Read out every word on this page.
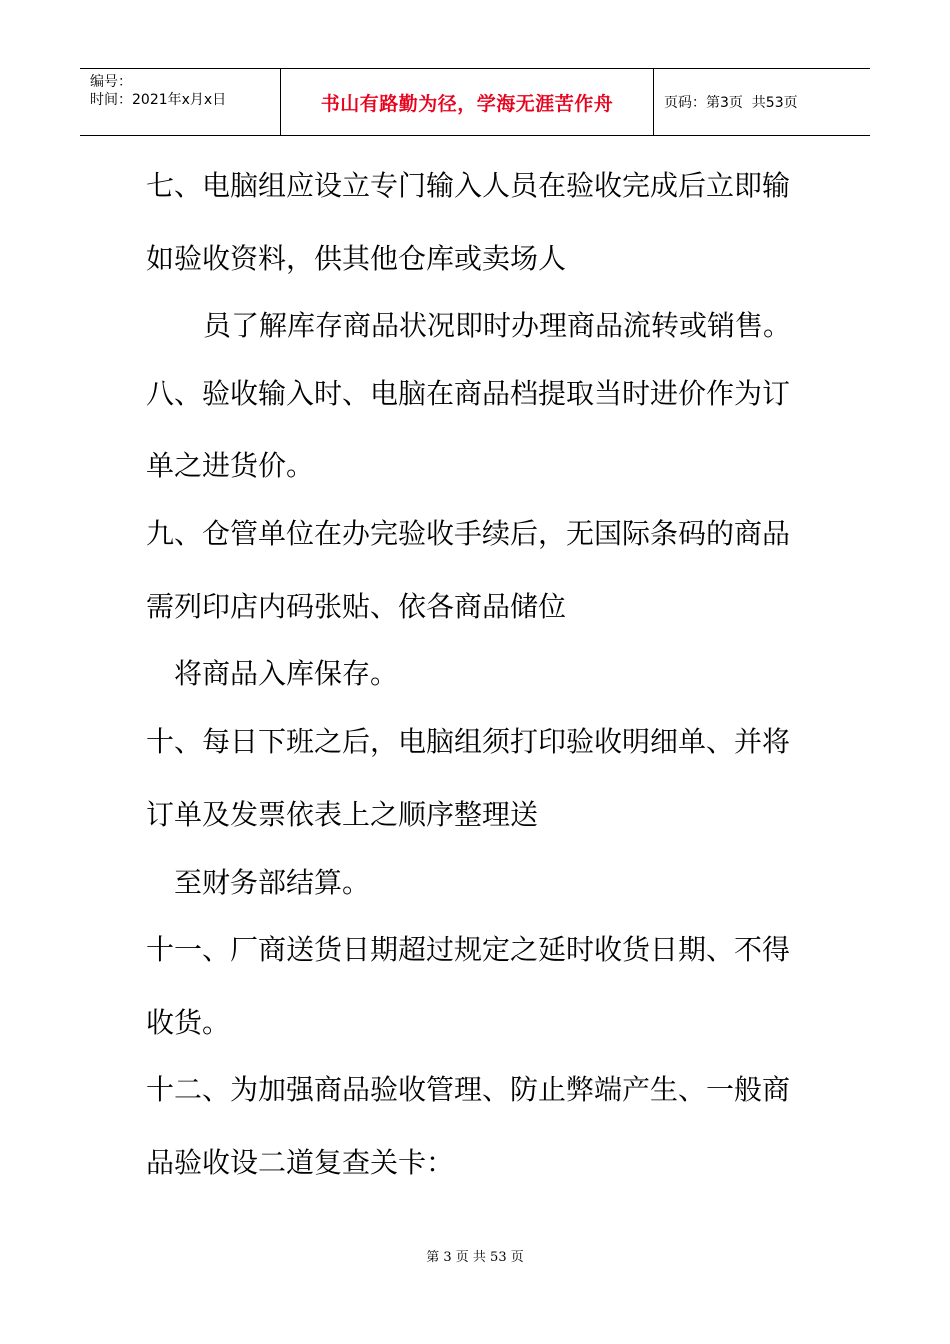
编号：
时间：2021年x月x日	书山有路勤为径，学海无涯苦作舟	页码：第3页  共53页
七、电脑组应设立专门输入人员在验收完成后立即输
如验收资料，供其他仓库或卖场人
员了解库存商品状况即时办理商品流转或销售。
八、验收输入时、电脑在商品档提取当时进价作为订
单之进货价。
九、仓管单位在办完验收手续后，无国际条码的商品
需列印店内码张贴、依各商品储位
将商品入库保存。
十、每日下班之后，电脑组须打印验收明细单、并将
订单及发票依表上之顺序整理送
至财务部结算。
十一、厂商送货日期超过规定之延时收货日期、不得
收货。
十二、为加强商品验收管理、防止弊端产生、一般商
品验收设二道复查关卡：
第 3 页 共 53 页
